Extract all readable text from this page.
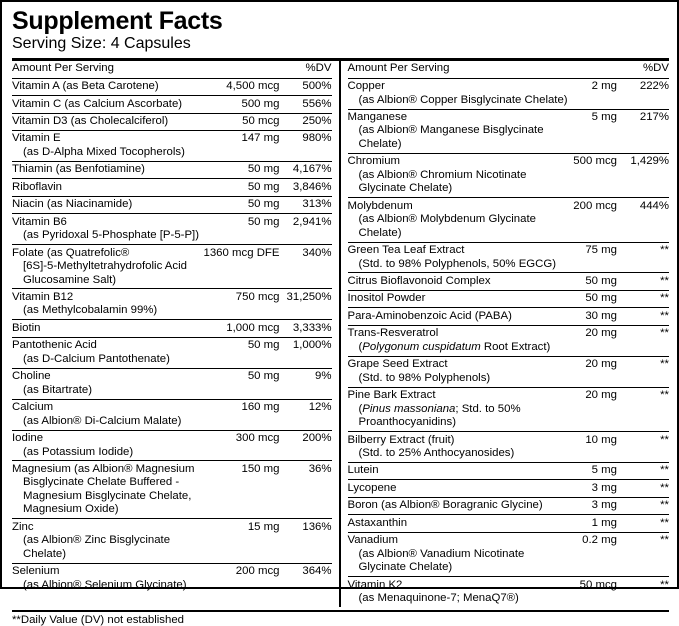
Supplement Facts
Serving Size: 4 Capsules
Amount Per Serving		%DV
Vitamin A (as Beta Carotene)	4,500 mcg	500%
Vitamin C (as Calcium Ascorbate)	500 mg	556%
Vitamin D3 (as Cholecalciferol)	50 mcg	250%
Vitamin E
(as D-Alpha Mixed Tocopherols)	147 mg	980%
Thiamin (as Benfotiamine)	50 mg	4,167%
Riboflavin	50 mg	3,846%
Niacin (as Niacinamide)	50 mg	313%
Vitamin B6
(as Pyridoxal 5-Phosphate [P-5-P])	50 mg	2,941%
Folate (as Quatrefolic®
[6S]-5-Methyltetrahydrofolic Acid Glucosamine Salt)	1360 mcg DFE	340%
Vitamin B12
(as Methylcobalamin 99%)	750 mcg	31,250%
Biotin	1,000 mcg	3,333%
Pantothenic Acid
(as D-Calcium Pantothenate)	50 mg	1,000%
Choline
(as Bitartrate)	50 mg	9%
Calcium
(as Albion® Di-Calcium Malate)	160 mg	12%
Iodine
(as Potassium Iodide)	300 mcg	200%
Magnesium (as Albion® Magnesium
Bisglycinate Chelate Buffered - Magnesium Bisglycinate Chelate, Magnesium Oxide)	150 mg	36%
Zinc
(as Albion® Zinc Bisglycinate Chelate)	15 mg	136%
Selenium
(as Albion® Selenium Glycinate)	200 mcg	364%
Amount Per Serving		%DV
Copper
(as Albion® Copper Bisglycinate Chelate)	2 mg	222%
Manganese
(as Albion® Manganese Bisglycinate Chelate)	5 mg	217%
Chromium
(as Albion® Chromium Nicotinate Glycinate Chelate)	500 mcg	1,429%
Molybdenum
(as Albion® Molybdenum Glycinate Chelate)	200 mcg	444%
Green Tea Leaf Extract
(Std. to 98% Polyphenols, 50% EGCG)	75 mg	**
Citrus Bioflavonoid Complex	50 mg	**
Inositol Powder	50 mg	**
Para-Aminobenzoic Acid (PABA)	30 mg	**
Trans-Resveratrol
(Polygonum cuspidatum Root Extract)	20 mg	**
Grape Seed Extract
(Std. to 98% Polyphenols)	20 mg	**
Pine Bark Extract
(Pinus massoniana; Std. to 50% Proanthocyanidins)	20 mg	**
Bilberry Extract (fruit)
(Std. to 25% Anthocyanosides)	10 mg	**
Lutein	5 mg	**
Lycopene	3 mg	**
Boron (as Albion® Boragranic Glycine)	3 mg	**
Astaxanthin	1 mg	**
Vanadium
(as Albion® Vanadium Nicotinate Glycinate Chelate)	0.2 mg	**
Vitamin K2
(as Menaquinone-7; MenaQ7®)	50 mcg	**
**Daily Value (DV) not established
